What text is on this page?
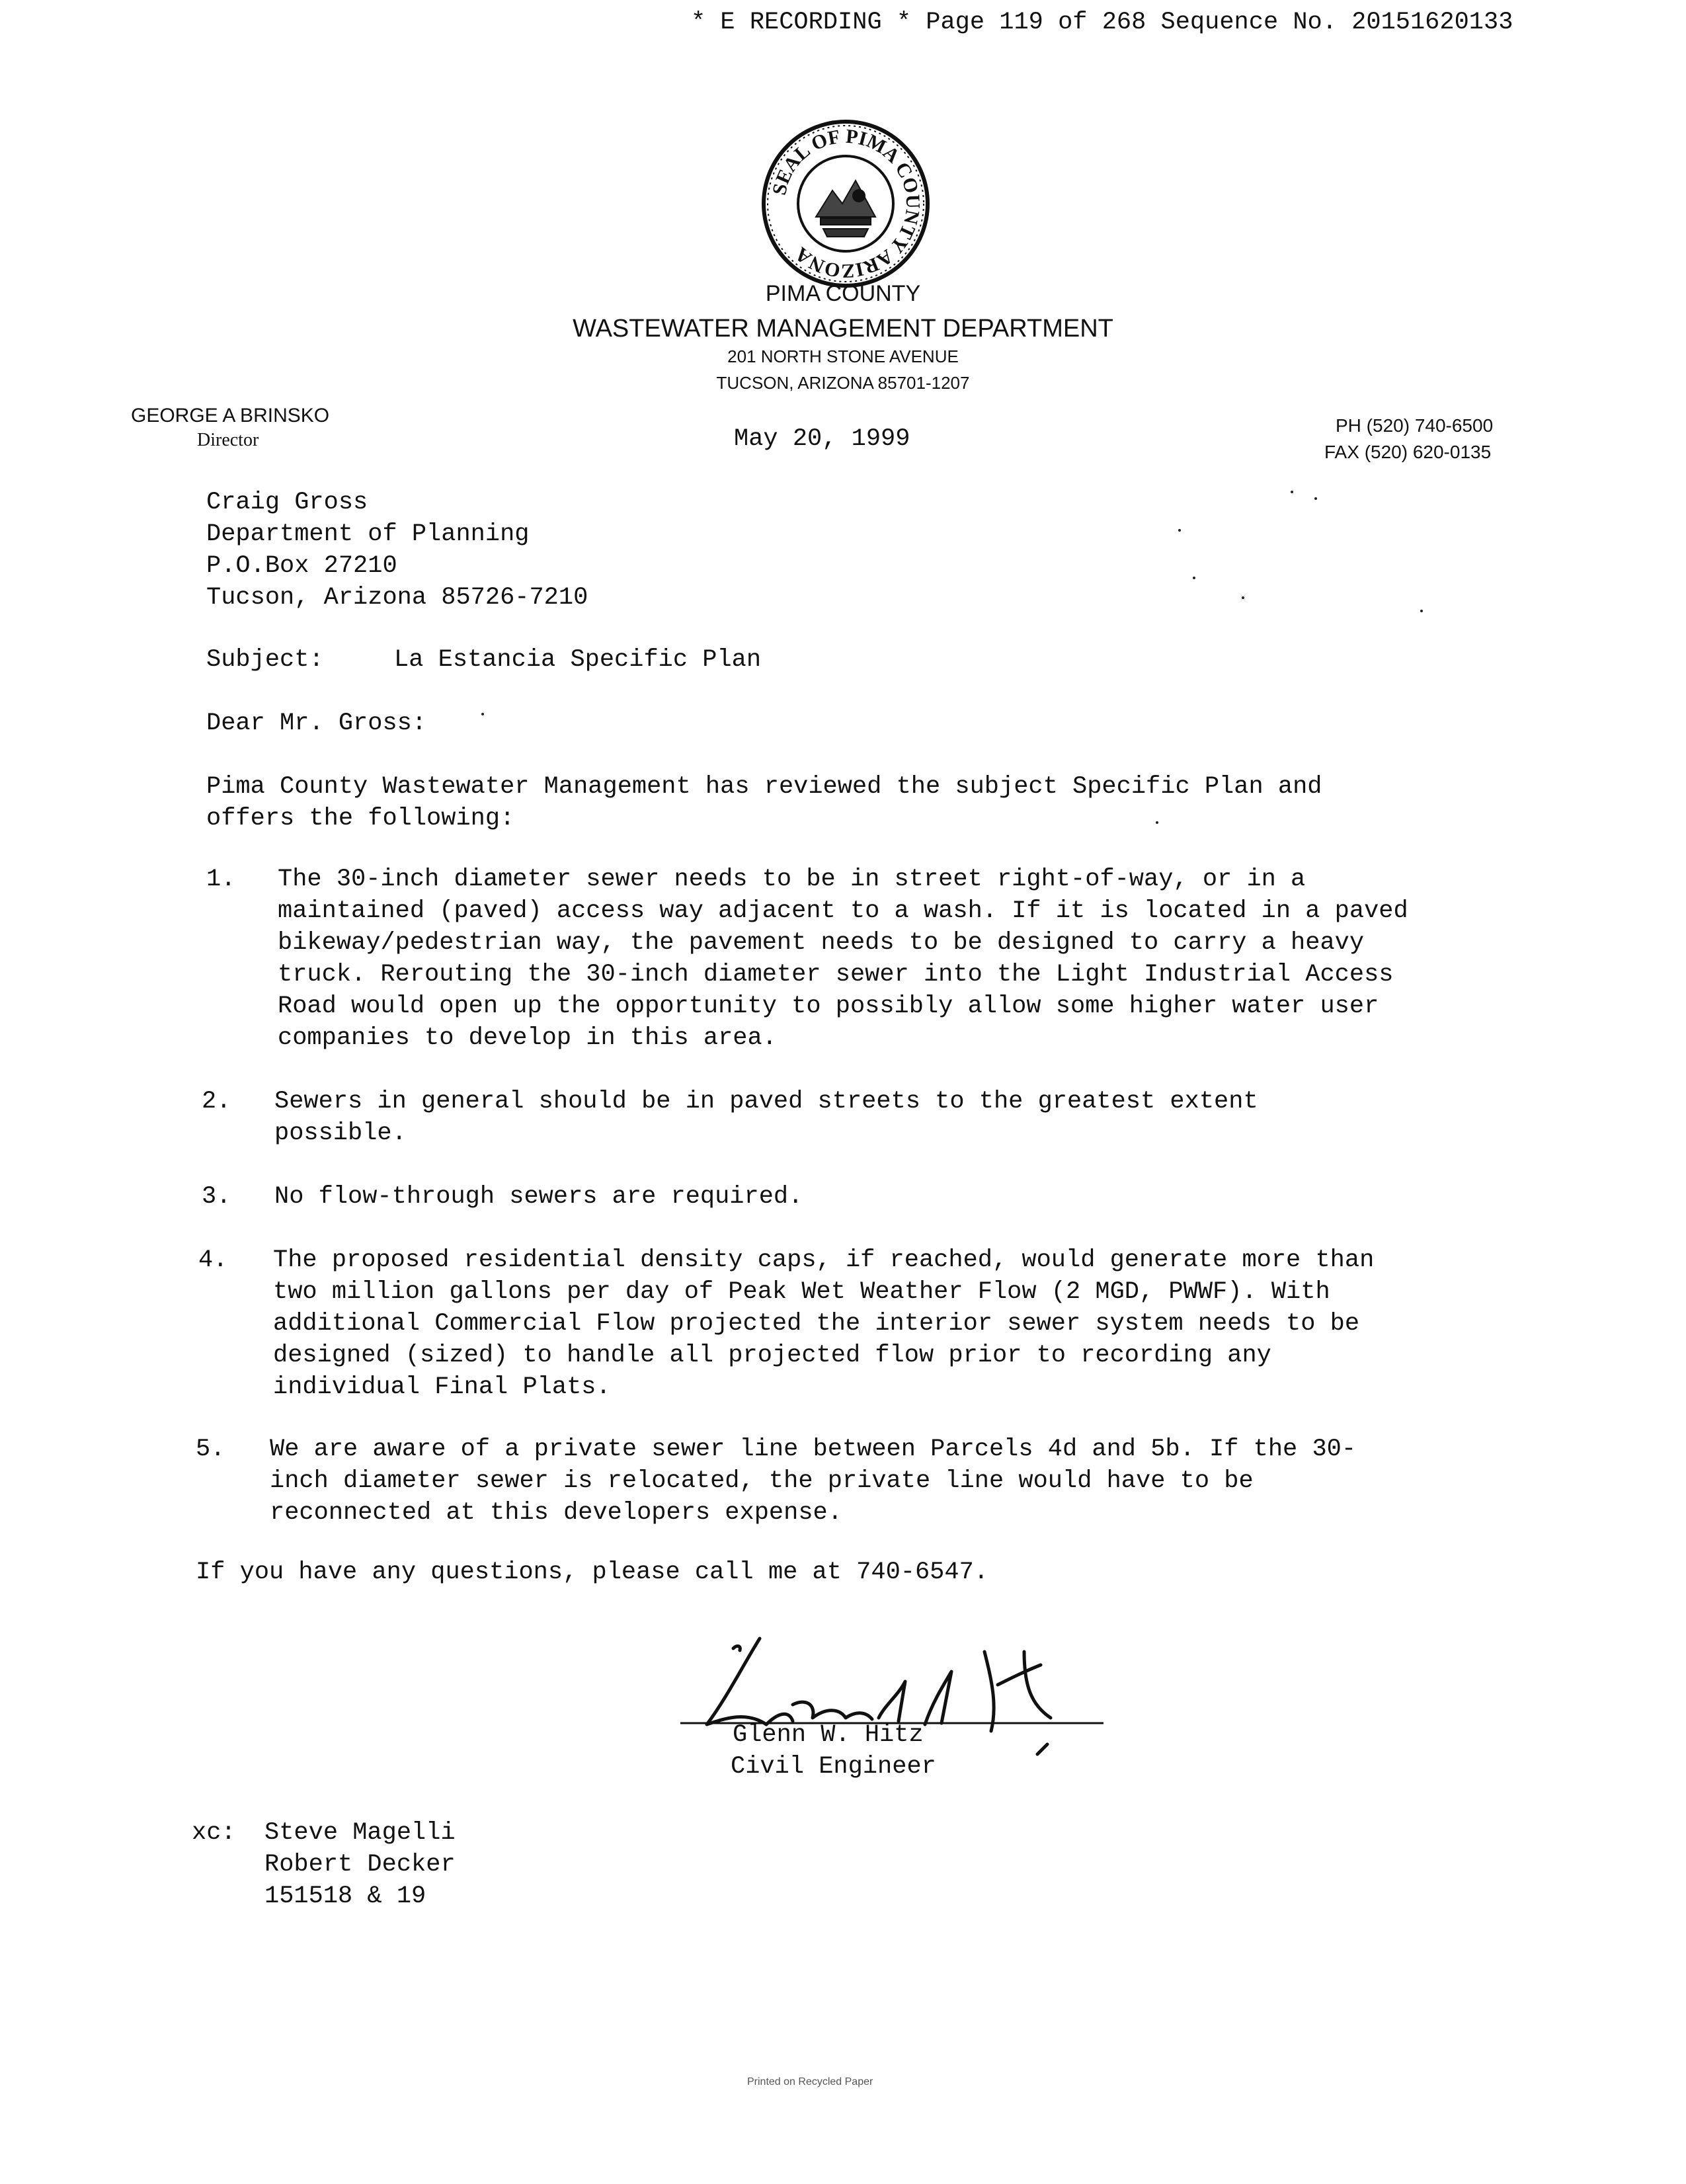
* E RECORDING * Page 119 of 268 Sequence No. 20151620133

SEAL OF PIMA COUNTY ARIZONA

PIMA COUNTY
WASTEWATER MANAGEMENT DEPARTMENT
201 NORTH STONE AVENUE
TUCSON, ARIZONA 85701-1207
GEORGE A BRINSKO
Director	May 20, 1999	PH (520) 740-6500
FAX (520) 620-0135
Craig Gross
Department of Planning
P.O.Box 27210
Tucson, Arizona 85726-7210
Subject:	La Estancia Specific Plan
Dear Mr. Gross:
Pima County Wastewater Management has reviewed the subject Specific Plan and offers the following:
1. The 30-inch diameter sewer needs to be in street right-of-way, or in a maintained (paved) access way adjacent to a wash. If it is located in a paved bikeway/pedestrian way, the pavement needs to be designed to carry a heavy truck. Rerouting the 30-inch diameter sewer into the Light Industrial Access Road would open up the opportunity to possibly allow some higher water user companies to develop in this area.
2. Sewers in general should be in paved streets to the greatest extent possible.
3. No flow-through sewers are required.
4. The proposed residential density caps, if reached, would generate more than two million gallons per day of Peak Wet Weather Flow (2 MGD, PWWF). With additional Commercial Flow projected the interior sewer system needs to be designed (sized) to handle all projected flow prior to recording any individual Final Plats.
5. We are aware of a private sewer line between Parcels 4d and 5b. If the 30-inch diameter sewer is relocated, the private line would have to be reconnected at this developers expense.
If you have any questions, please call me at 740-6547.

Glenn W. Hitz
Civil Engineer
xc: Steve Magelli
Robert Decker
151518 & 19
Printed on Recycled Paper
